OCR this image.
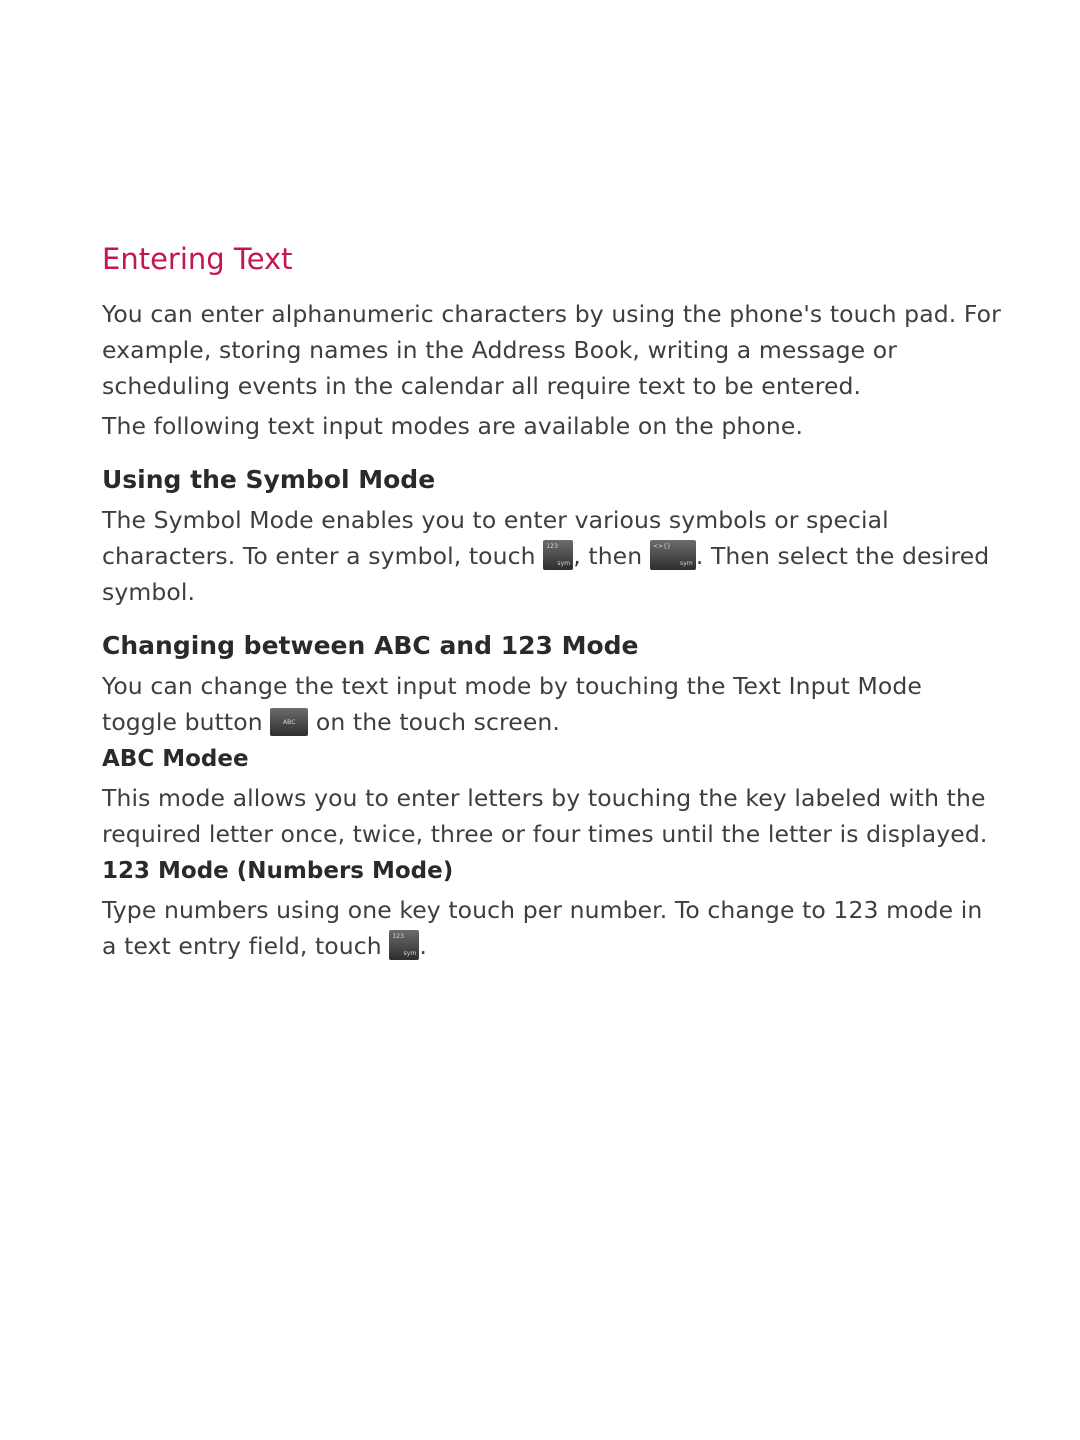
Entering Text

You can enter alphanumeric characters by using the phone's touch pad. For example, storing names in the Address Book, writing a message or scheduling events in the calendar all require text to be entered.

The following text input modes are available on the phone.

Using the Symbol Mode

The Symbol Mode enables you to enter various symbols or special characters. To enter a symbol, touch 123
sym , then <>{}
sym . Then select the desired symbol.

Changing between ABC and 123 Mode

You can change the text input mode by touching the Text Input Mode toggle button	ABC on the touch screen.

ABC Modee

This mode allows you to enter letters by touching the key labeled with the required letter once, twice, three or four times until the letter is displayed.

123 Mode (Numbers Mode)

Type numbers using one key touch per number. To change to 123 mode in a text entry field, touch 123
sym .
